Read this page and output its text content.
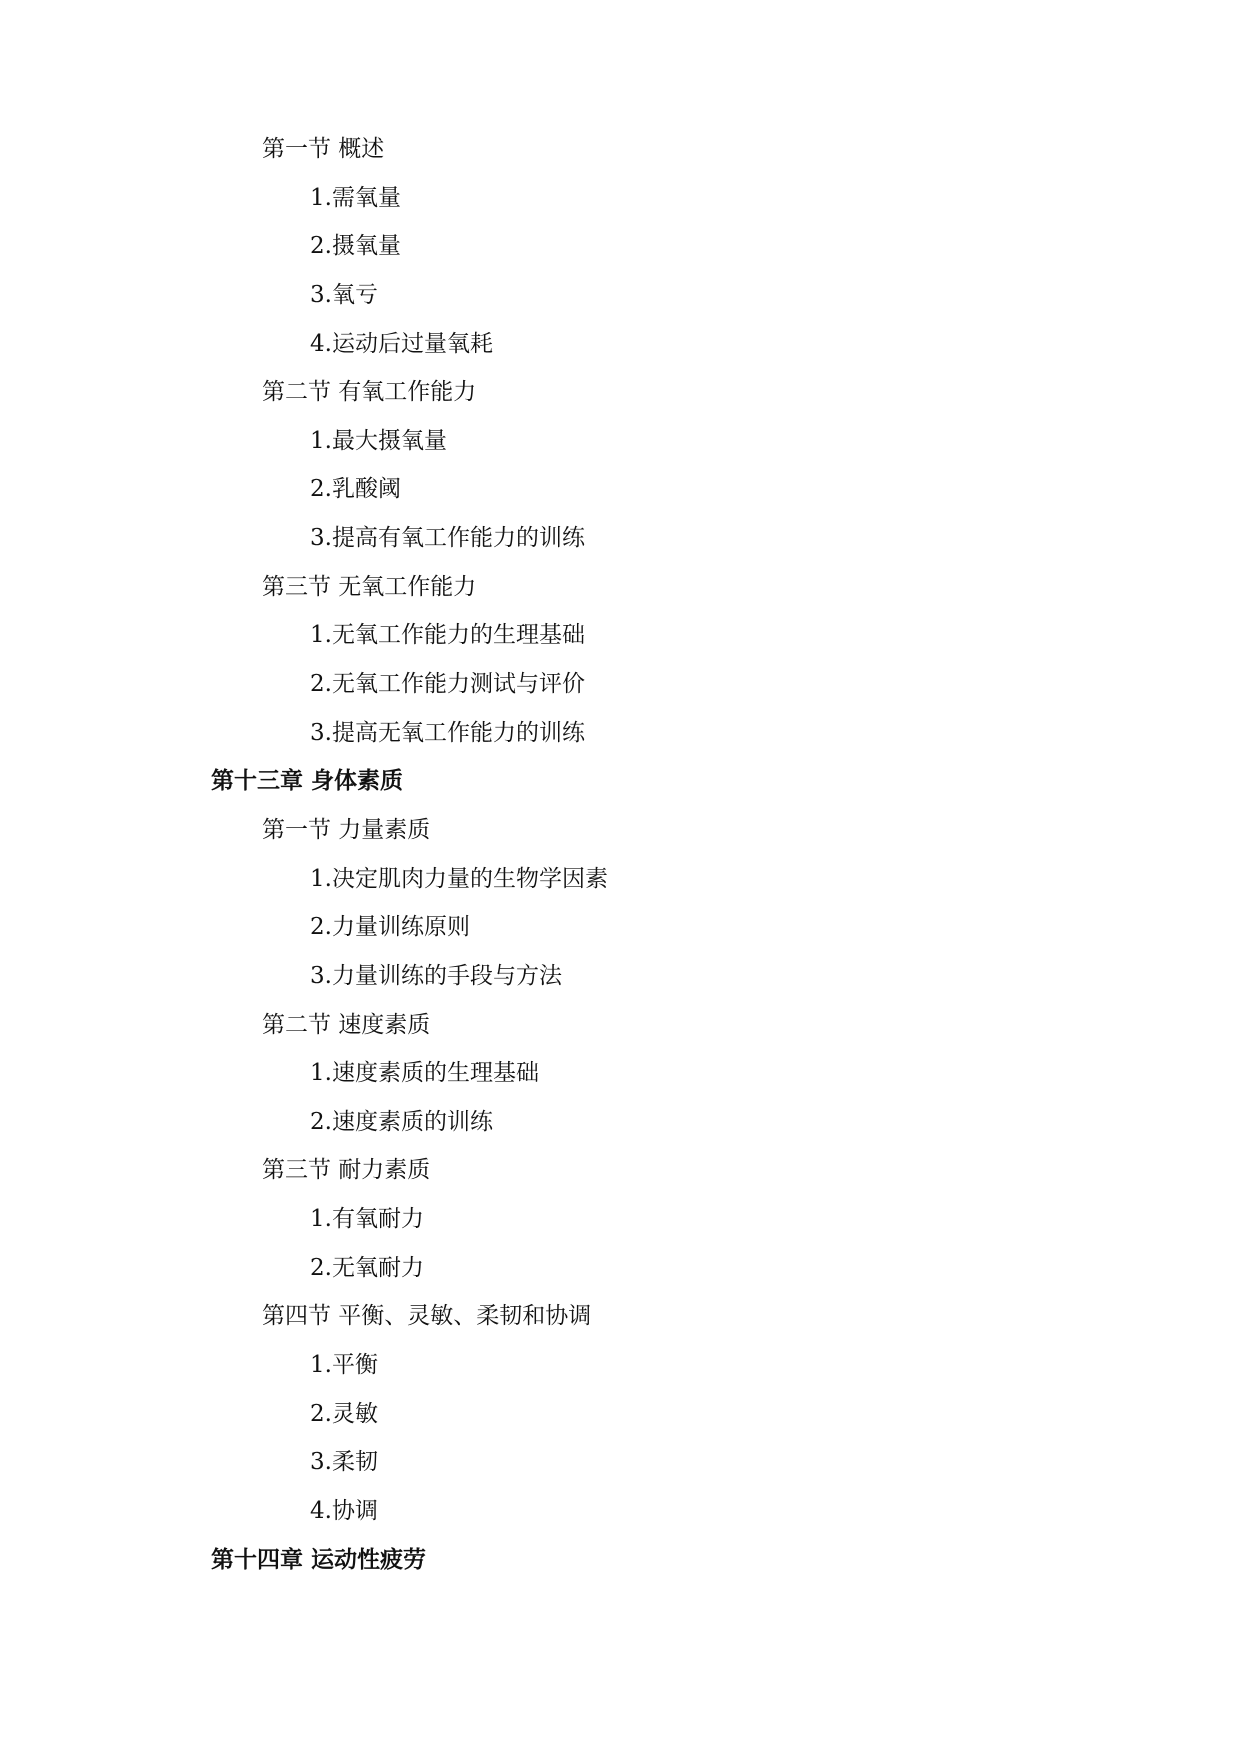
第一节 概述
1.需氧量
2.摄氧量
3.氧亏
4.运动后过量氧耗
第二节 有氧工作能力
1.最大摄氧量
2.乳酸阈
3.提高有氧工作能力的训练
第三节 无氧工作能力
1.无氧工作能力的生理基础
2.无氧工作能力测试与评价
3.提高无氧工作能力的训练
第十三章 身体素质
第一节 力量素质
1.决定肌肉力量的生物学因素
2.力量训练原则
3.力量训练的手段与方法
第二节 速度素质
1.速度素质的生理基础
2.速度素质的训练
第三节 耐力素质
1.有氧耐力
2.无氧耐力
第四节 平衡、灵敏、柔韧和协调
1.平衡
2.灵敏
3.柔韧
4.协调
第十四章 运动性疲劳
